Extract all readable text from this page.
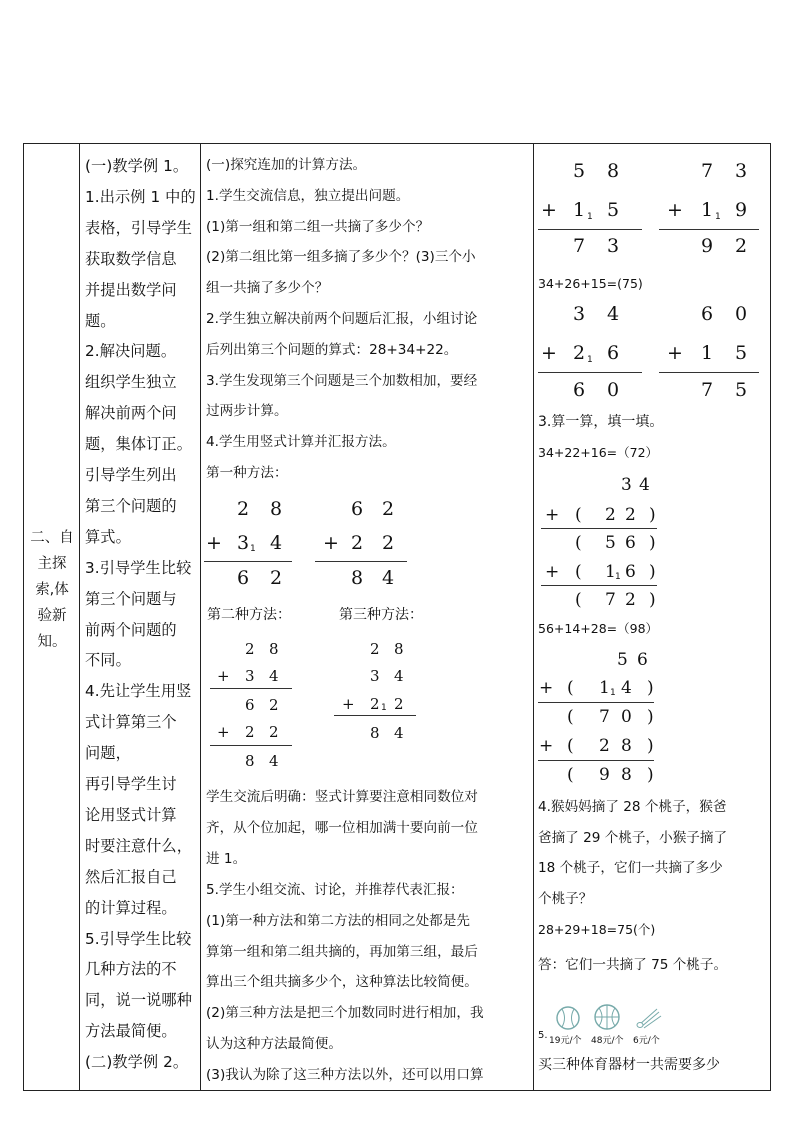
二、自主探索,体验新知。
(一)教学例 1。
1.出示例 1 中的
表格，引导学生
获取数学信息
并提出数学问
题。
2.解决问题。
组织学生独立
解决前两个问
题，集体订正。
引导学生列出
第三个问题的
算式。
3.引导学生比较
第三个问题与
前两个问题的
不同。
4.先让学生用竖
式计算第三个
问题，
再引导学生讨
论用竖式计算
时要注意什么，
然后汇报自己
的计算过程。
5.引导学生比较
几种方法的不
同，说一说哪种
方法最简便。
(二)教学例 2。
(一)探究连加的计算方法。
1.学生交流信息，独立提出问题。
(1)第一组和第二组一共摘了多少个？
(2)第二组比第一组多摘了多少个？(3)三个小
组一共摘了多少个？
2.学生独立解决前两个问题后汇报，小组讨论
后列出第三个问题的算式：28+34+22。
3.学生发现第三个问题是三个加数相加，要经
过两步计算。
4.学生用竖式计算并汇报方法。
第一种方法：
2 8
+ 3 1 4
6 2
6 2
+ 2 2
8 4
第二种方法：	第三种方法：
2 8
+ 3 4
6 2
+ 2 2
8 4
2 8
3 4
+ 2 1 2
8 4
学生交流后明确：竖式计算要注意相同数位对
齐，从个位加起，哪一位相加满十要向前一位
进 1。
5.学生小组交流、讨论，并推荐代表汇报：
(1)第一种方法和第二方法的相同之处都是先
算第一组和第二组共摘的，再加第三组，最后
算出三个组共摘多少个，这种算法比较简便。
(2)第三种方法是把三个加数同时进行相加，我
认为这种方法最简便。
(3)我认为除了这三种方法以外，还可以用口算
5 8
+ 1 1 5
7 3
7 3
+ 1 1 9
9 2
34+26+15=(75)
3 4
+ 2 1 6
6 0
6 0
+ 1 5
7 5
3.算一算，填一填。
34+22+16=（72）
3 4
+ ( 2 2 )
( 5 6 )
+ ( 1 1 6 )
( 7 2 )
56+14+28=（98）
5 6
+ ( 1 1 4 )
( 7 0 )
+ ( 2 8 )
( 9 8 )
4.猴妈妈摘了 28 个桃子，猴爸
爸摘了 29 个桃子，小猴子摘了
18 个桃子，它们一共摘了多少
个桃子？
28+29+18=75(个)
答：它们一共摘了 75 个桃子。
5. 19元/个 48元/个 6元/个
买三种体育器材一共需要多少
